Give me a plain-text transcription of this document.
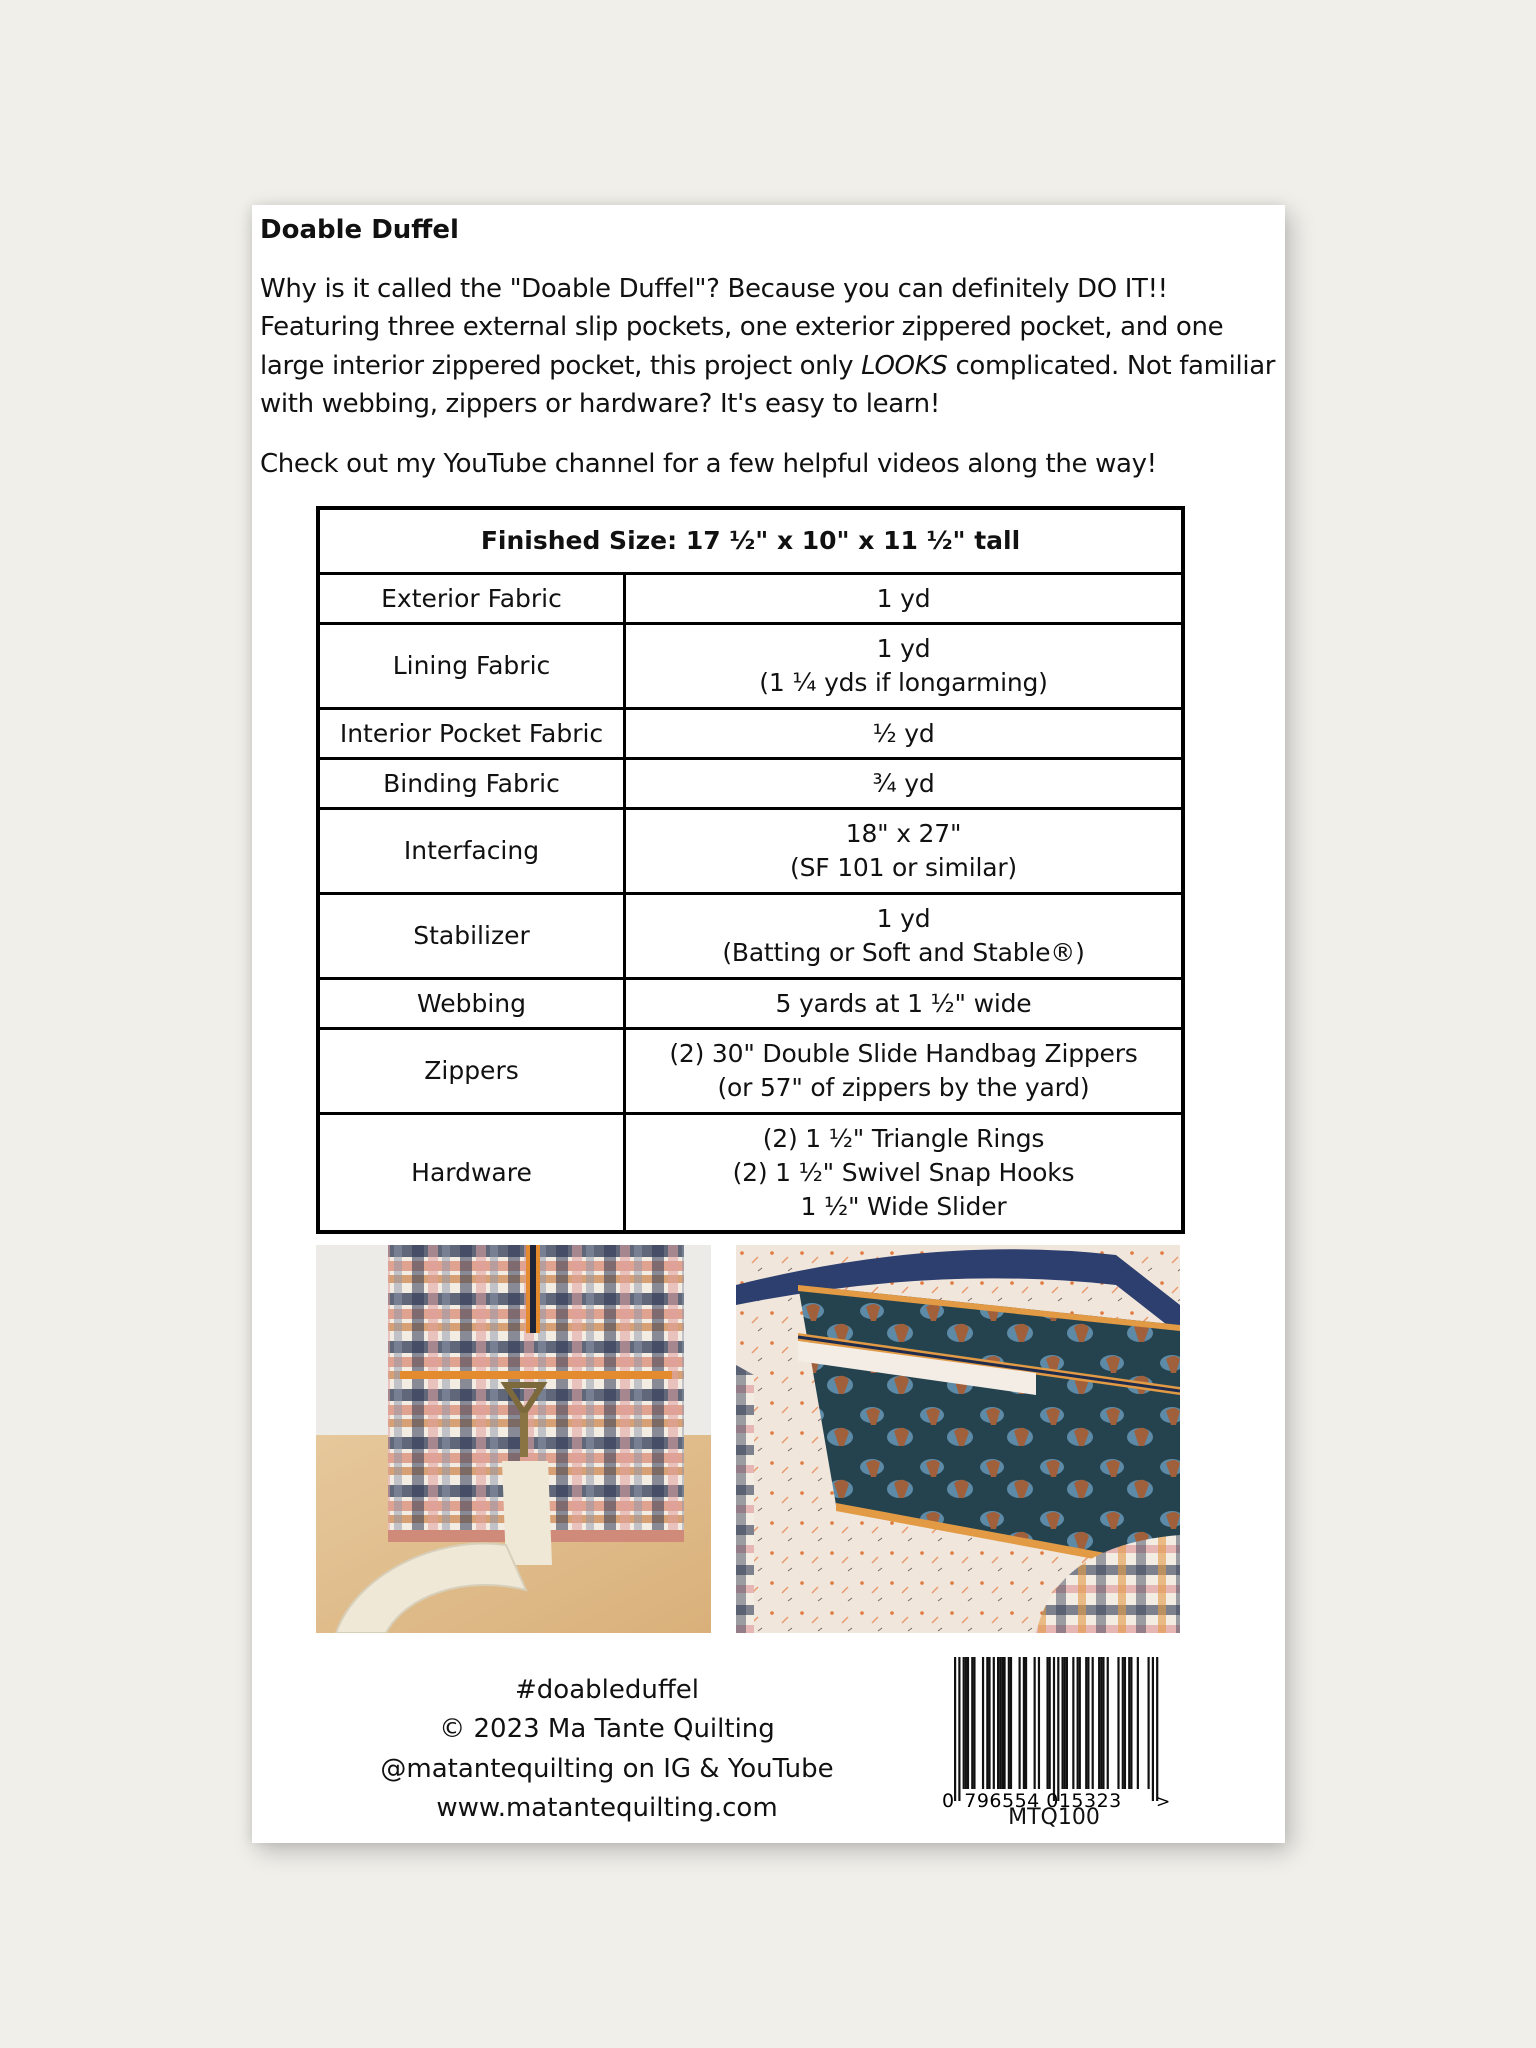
Doable Duffel
Why is it called the "Doable Duffel"? Because you can definitely DO IT!!
Featuring three external slip pockets, one exterior zippered pocket, and one
large interior zippered pocket, this project only LOOKS complicated. Not familiar
with webbing, zippers or hardware? It's easy to learn!
Check out my YouTube channel for a few helpful videos along the way!
Finished Size: 17 ½" x 10" x 11 ½" tall	
Exterior Fabric	1 yd

Lining Fabric	1 yd
(1 ¼ yds if longarming)

Interior Pocket Fabric	½ yd

Binding Fabric	¾ yd

Interfacing	18" x 27"
(SF 101 or similar)

Stabilizer	1 yd
(Batting or Soft and Stable®)

Webbing	5 yards at 1 ½" wide

Zippers	(2) 30" Double Slide Handbag Zippers
(or 57" of zippers by the yard)

Hardware	(2) 1 ½" Triangle Rings
(2) 1 ½" Swivel Snap Hooks
1 ½" Wide Slider
#doableduffel
© 2023 Ma Tante Quilting
@matantequilting on IG & YouTube
www.matantequilting.com	0 796554 015323 >
MTQ100
